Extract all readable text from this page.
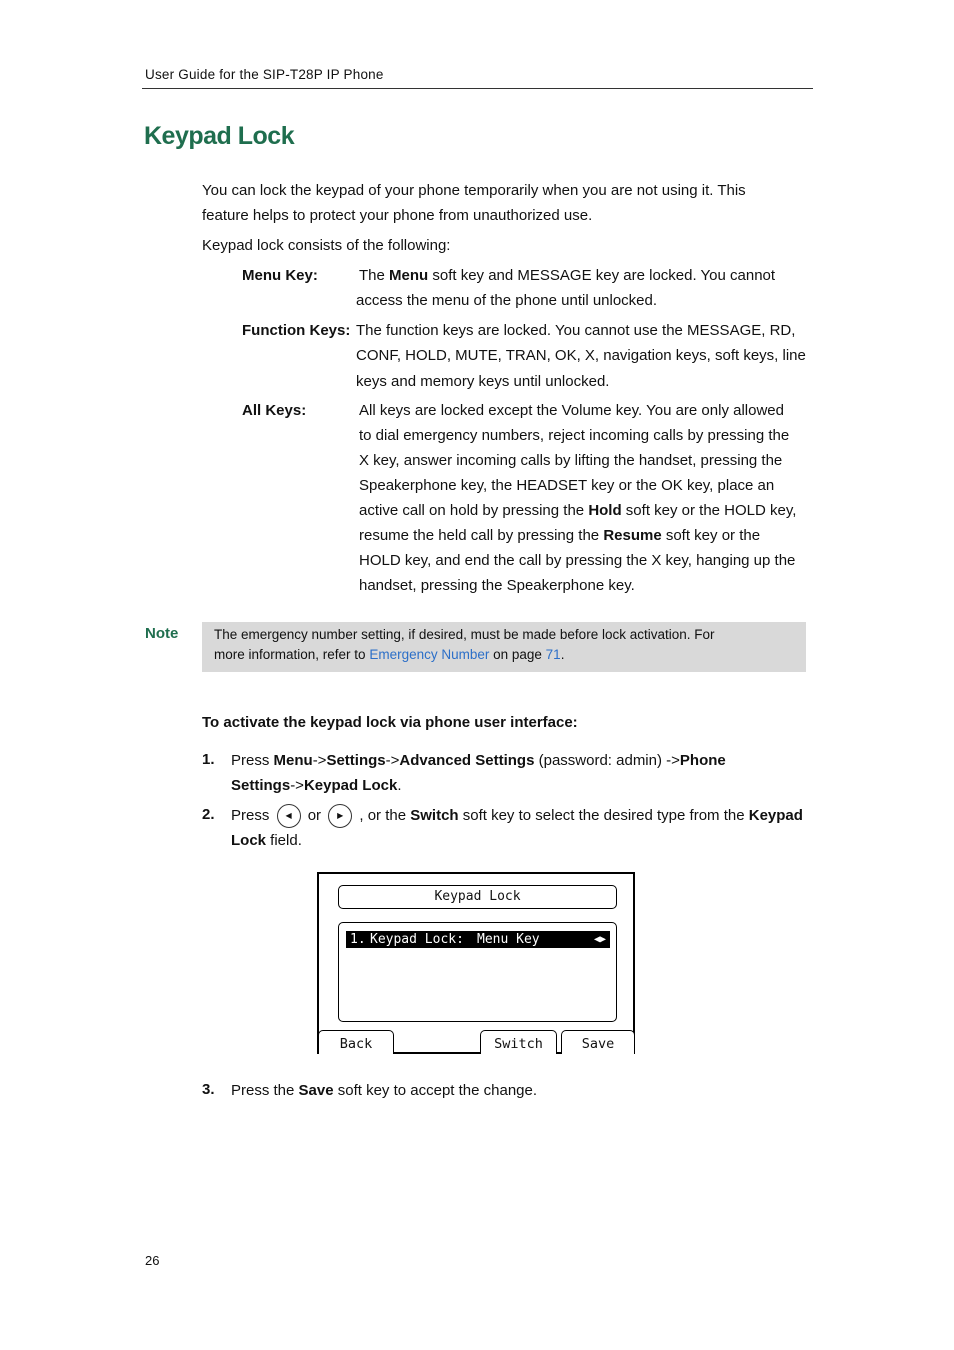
User Guide for the SIP-T28P IP Phone
Keypad Lock
You can lock the keypad of your phone temporarily when you are not using it. This
feature helps to protect your phone from unauthorized use.
Keypad lock consists of the following:
Menu Key:	The Menu soft key and MESSAGE key are locked. You cannot
access the menu of the phone until unlocked.
Function Keys: The function keys are locked. You cannot use the MESSAGE, RD,
CONF, HOLD, MUTE, TRAN, OK, X, navigation keys, soft keys, line
keys and memory keys until unlocked.
All Keys:	All keys are locked except the Volume key. You are only allowed
to dial emergency numbers, reject incoming calls by pressing the
X key, answer incoming calls by lifting the handset, pressing the
Speakerphone key, the HEADSET key or the OK key, place an
active call on hold by pressing the Hold soft key or the HOLD key,
resume the held call by pressing the Resume soft key or the
HOLD key, and end the call by pressing the X key, hanging up the
handset, pressing the Speakerphone key.
Note	The emergency number setting, if desired, must be made before lock activation. For
more information, refer to Emergency Number on page 71.
To activate the keypad lock via phone user interface:
1. Press Menu->Settings->Advanced Settings (password: admin) ->Phone
Settings->Keypad Lock.
2. Press	◀	or	▶	, or the Switch soft key to select the desired type from the Keypad
Lock field.
Keypad Lock
1. Keypad Lock: Menu Key	◀▶
Back	Switch	Save
3. Press the Save soft key to accept the change.
26
